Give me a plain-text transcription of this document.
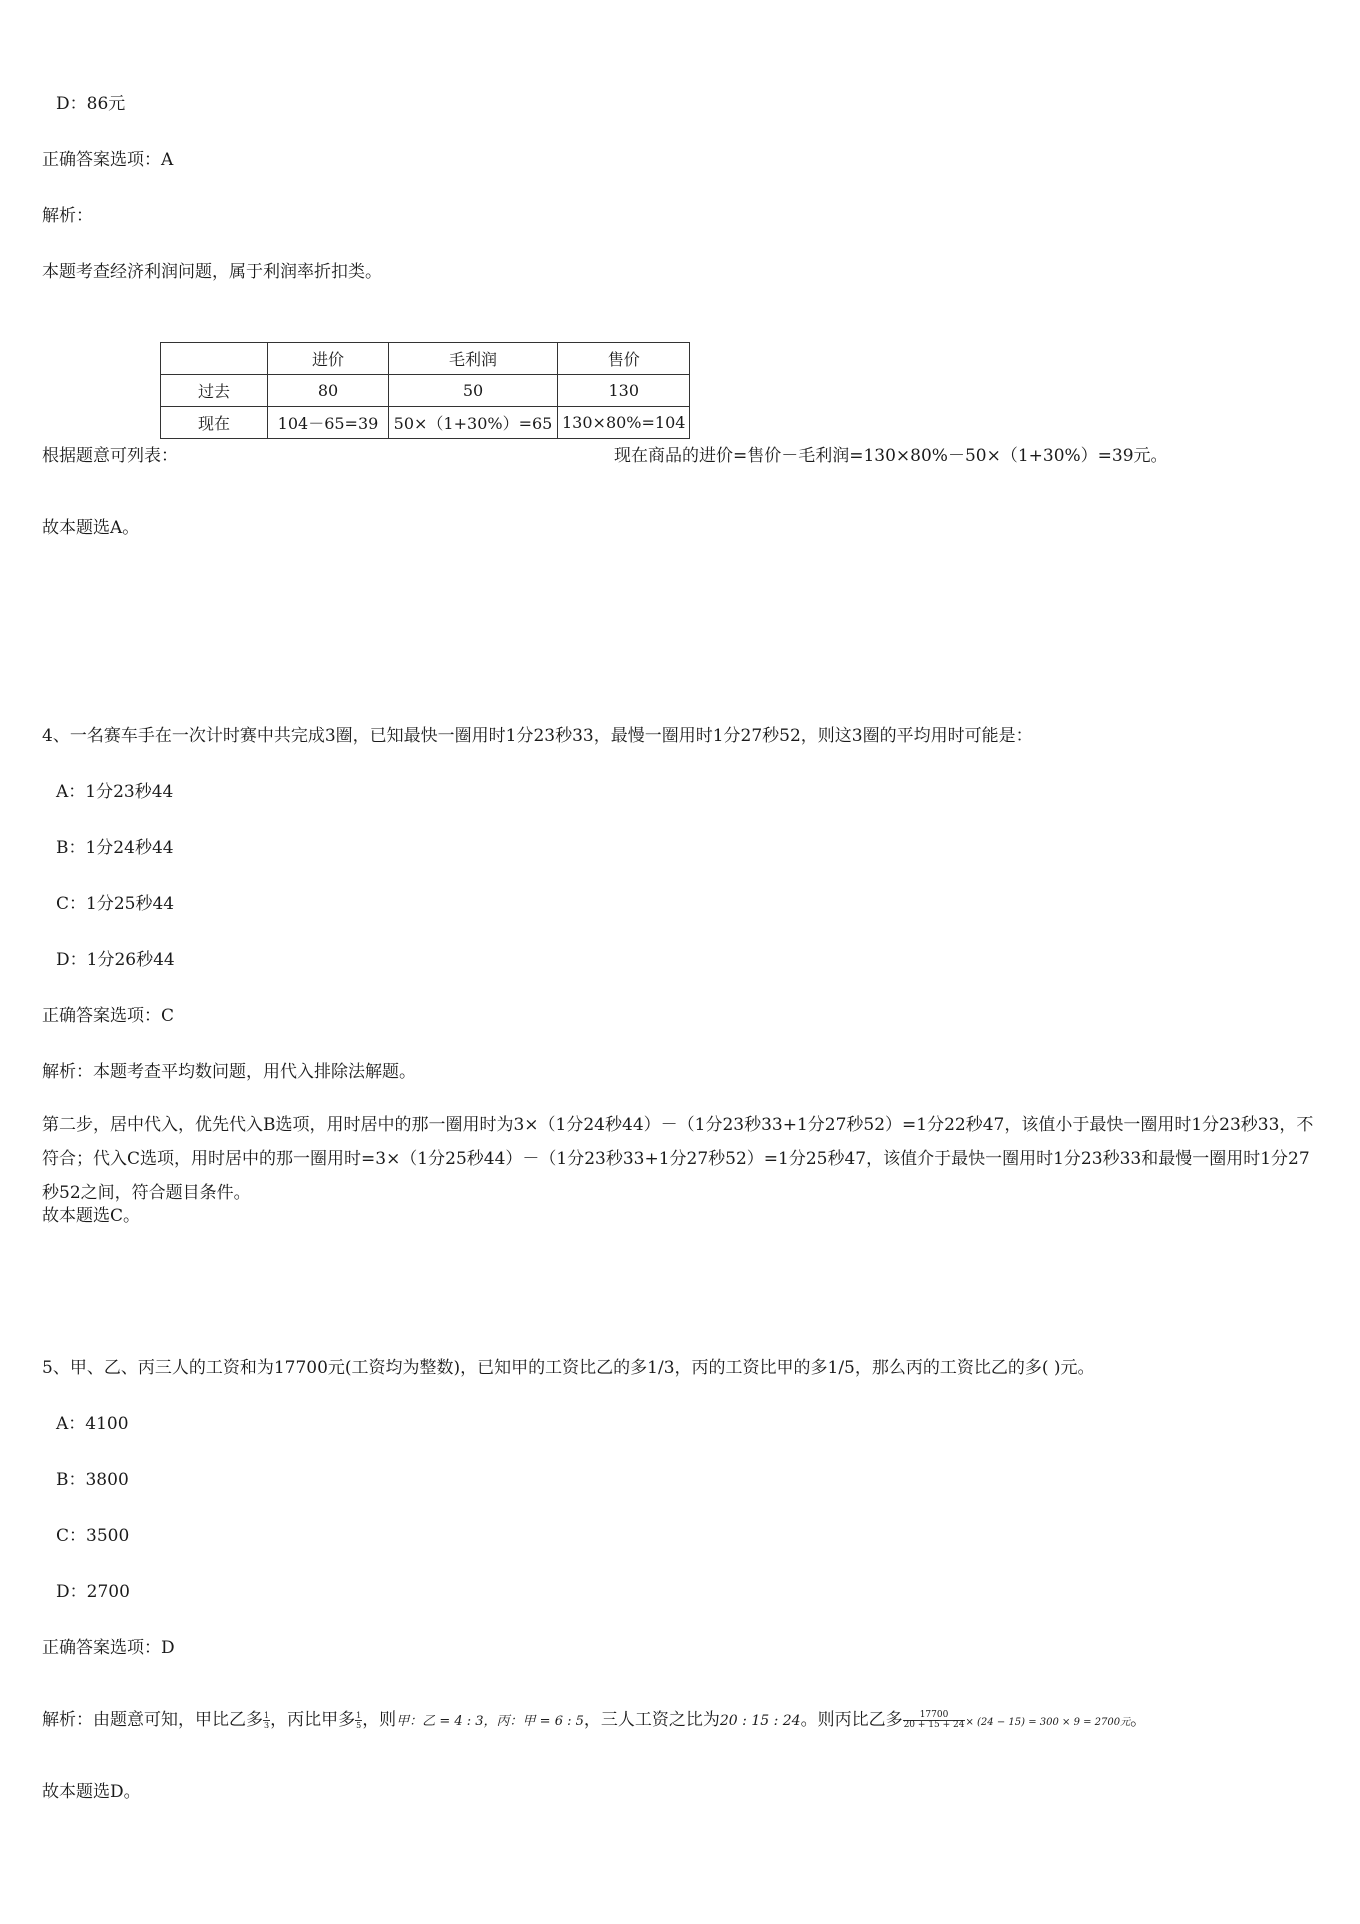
D：86元
正确答案选项：A
解析：
本题考查经济利润问题，属于利润率折扣类。
	进价	毛利润	售价
过去	80	50	130
现在	104－65=39	50×（1+30%）=65	130×80%=104
根据题意可列表：	现在商品的进价=售价－毛利润=130×80%－50×（1+30%）=39元。
故本题选A。
4、一名赛车手在一次计时赛中共完成3圈，已知最快一圈用时1分23秒33，最慢一圈用时1分27秒52，则这3圈的平均用时可能是：
A：1分23秒44
B：1分24秒44
C：1分25秒44
D：1分26秒44
正确答案选项：C
解析：本题考查平均数问题，用代入排除法解题。
第二步，居中代入，优先代入B选项，用时居中的那一圈用时为3×（1分24秒44）－（1分23秒33+1分27秒52）=1分22秒47，该值小于最快一圈用时1分23秒33，不符合；代入C选项，用时居中的那一圈用时=3×（1分25秒44）－（1分23秒33+1分27秒52）=1分25秒47，该值介于最快一圈用时1分23秒33和最慢一圈用时1分27秒52之间，符合题目条件。
故本题选C。
5、甲、乙、丙三人的工资和为17700元(工资均为整数)，已知甲的工资比乙的多1/3，丙的工资比甲的多1/5，那么丙的工资比乙的多( )元。
A：4100
B：3800
C：3500
D：2700
正确答案选项：D
解析：由题意可知，甲比乙多 $\frac{1}{3}$ ，丙比甲多 $\frac{1}{5}$ ，则甲：乙 = 4 : 3，丙：甲 = 6 : 5，三人工资之比为20 : 15 : 24。则丙比乙多 $\frac{17700}{20 + 15 + 24} \times (24 - 15) = 300 \times 9 = 2700$元。
故本题选D。
